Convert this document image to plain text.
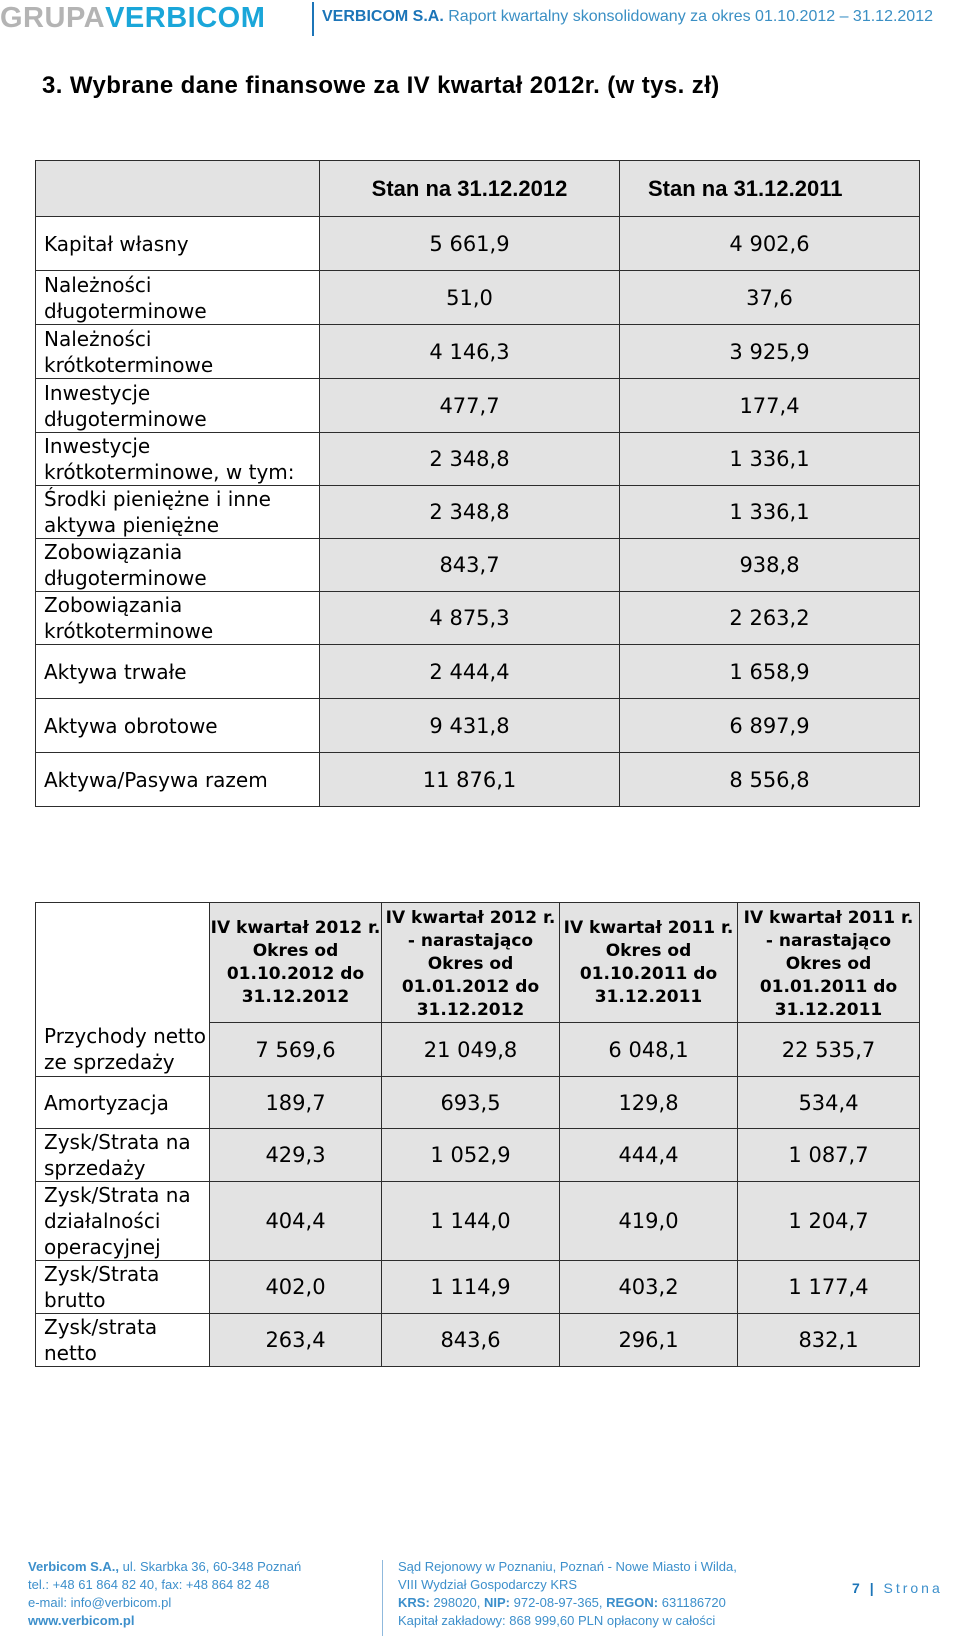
GRUPA VERBICOM	VERBICOM S.A. Raport kwartalny skonsolidowany za okres 01.10.2012 – 31.12.2012
3. Wybrane dane finansowe za IV kwartał 2012r. (w tys. zł)
	Stan na 31.12.2012	Stan na 31.12.2011
Kapitał własny	5 661,9	4 902,6
Należności długoterminowe	51,0	37,6
Należności krótkoterminowe	4 146,3	3 925,9
Inwestycje długoterminowe	477,7	177,4
Inwestycje krótkoterminowe, w tym:	2 348,8	1 336,1
Środki pieniężne i inne aktywa pieniężne	2 348,8	1 336,1
Zobowiązania długoterminowe	843,7	938,8
Zobowiązania krótkoterminowe	4 875,3	2 263,2
Aktywa trwałe	2 444,4	1 658,9
Aktywa obrotowe	9 431,8	6 897,9
Aktywa/Pasywa razem	11 876,1	8 556,8
	IV kwartał 2012 r. Okres od 01.10.2012 do 31.12.2012	IV kwartał 2012 r. - narastająco Okres od 01.01.2012 do 31.12.2012	IV kwartał 2011 r. Okres od 01.10.2011 do 31.12.2011	IV kwartał 2011 r. - narastająco Okres od 01.01.2011 do 31.12.2011
Przychody netto ze sprzedaży	7 569,6	21 049,8	6 048,1	22 535,7
Amortyzacja	189,7	693,5	129,8	534,4
Zysk/Strata na sprzedaży	429,3	1 052,9	444,4	1 087,7
Zysk/Strata na działalności operacyjnej	404,4	1 144,0	419,0	1 204,7
Zysk/Strata brutto	402,0	1 114,9	403,2	1 177,4
Zysk/strata netto	263,4	843,6	296,1	832,1
Verbicom S.A., ul. Skarbka 36, 60-348 Poznań
tel.: +48 61 864 82 40, fax: +48 864 82 48
e-mail: info@verbicom.pl
www.verbicom.pl
Sąd Rejonowy w Poznaniu, Poznań - Nowe Miasto i Wilda,
VIII Wydział Gospodarczy KRS
KRS: 298020, NIP: 972-08-97-365, REGON: 631186720
Kapitał zakładowy: 868 999,60 PLN opłacony w całości
7 | Strona
